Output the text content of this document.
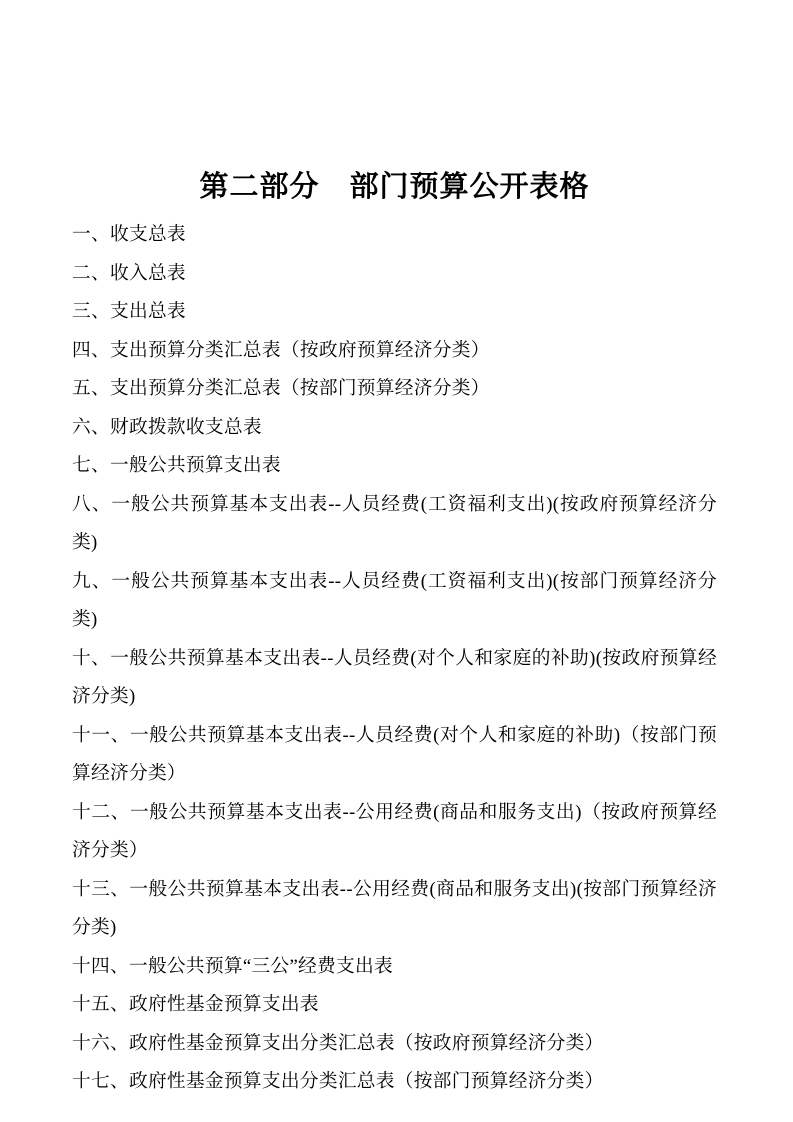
第二部分　部门预算公开表格

一、收支总表

二、收入总表

三、支出总表

四、支出预算分类汇总表（按政府预算经济分类）

五、支出预算分类汇总表（按部门预算经济分类）

六、财政拨款收支总表

七、一般公共预算支出表

八、一般公共预算基本支出表--人员经费(工资福利支出)(按政府预算经济分类)

九、一般公共预算基本支出表--人员经费(工资福利支出)(按部门预算经济分类)

十、一般公共预算基本支出表--人员经费(对个人和家庭的补助)(按政府预算经济分类)

十一、一般公共预算基本支出表--人员经费(对个人和家庭的补助)（按部门预算经济分类）

十二、一般公共预算基本支出表--公用经费(商品和服务支出)（按政府预算经济分类）

十三、一般公共预算基本支出表--公用经费(商品和服务支出)(按部门预算经济分类)

十四、一般公共预算“三公”经费支出表

十五、政府性基金预算支出表

十六、政府性基金预算支出分类汇总表（按政府预算经济分类）

十七、政府性基金预算支出分类汇总表（按部门预算经济分类）
